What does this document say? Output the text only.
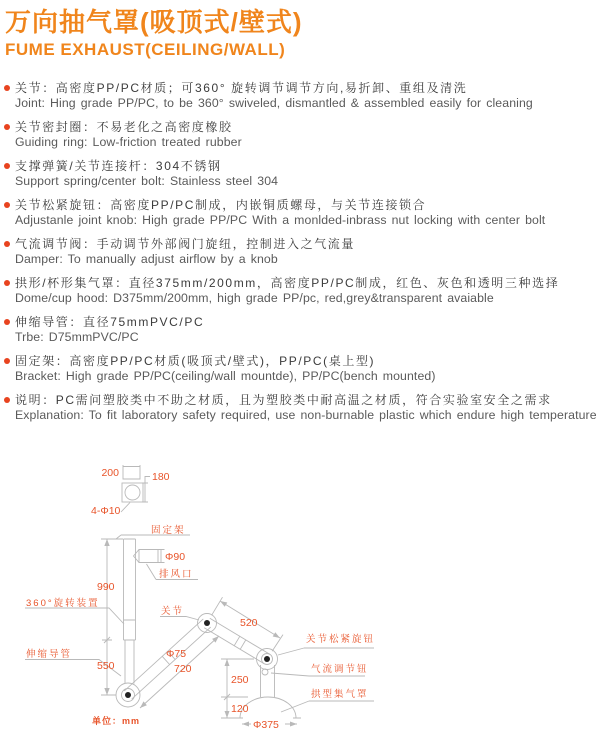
万向抽气罩(吸顶式/壁式)
FUME EXHAUST(CEILING/WALL)
关节：高密度PP/PC材质；可360° 旋转调节调节方向,易折卸、重组及清洗
Joint: Hing grade PP/PC, to be 360° swiveled, dismantled & assembled easily for cleaning
关节密封圈：不易老化之高密度橡胶
Guiding ring: Low-friction treated rubber
支撑弹簧/关节连接杆：304不锈钢
Support spring/center bolt: Stainless steel 304
关节松紧旋钮：高密度PP/PC制成，内嵌铜质螺母，与关节连接锁合
Adjustanle joint knob: High grade PP/PC With a monlded-inbrass nut locking with center bolt
气流调节阀：手动调节外部阀门旋纽，控制进入之气流量
Damper: To manually adjust airflow by a knob
拱形/杯形集气罩：直径375mm/200mm，高密度PP/PC制成，红色、灰色和透明三种选择
Dome/cup hood: D375mm/200mm, high grade PP/pc, red,grey&transparent avaiable
伸缩导管：直径75mmPVC/PC
Trbe: D75mmPVC/PC
固定架：高密度PP/PC材质(吸顶式/壁式)，PP/PC(桌上型)
Bracket: High grade PP/PC(ceiling/wall mountde), PP/PC(bench mounted)
说明：PC需问塑胶类中不助之材质，且为塑胶类中耐高温之材质，符合实验室安全之需求
Explanation: To fit laboratory safety required, use non-burnable plastic which endure high temperature
200	180
4-Φ10
固定架
Φ90
排风口
990
360°旋转装置
关节
520
关节松紧旋钮
Φ75
伸缩导管
550	720	气流调节钮
250
拱型集气罩
120
Φ375
单位：mm
